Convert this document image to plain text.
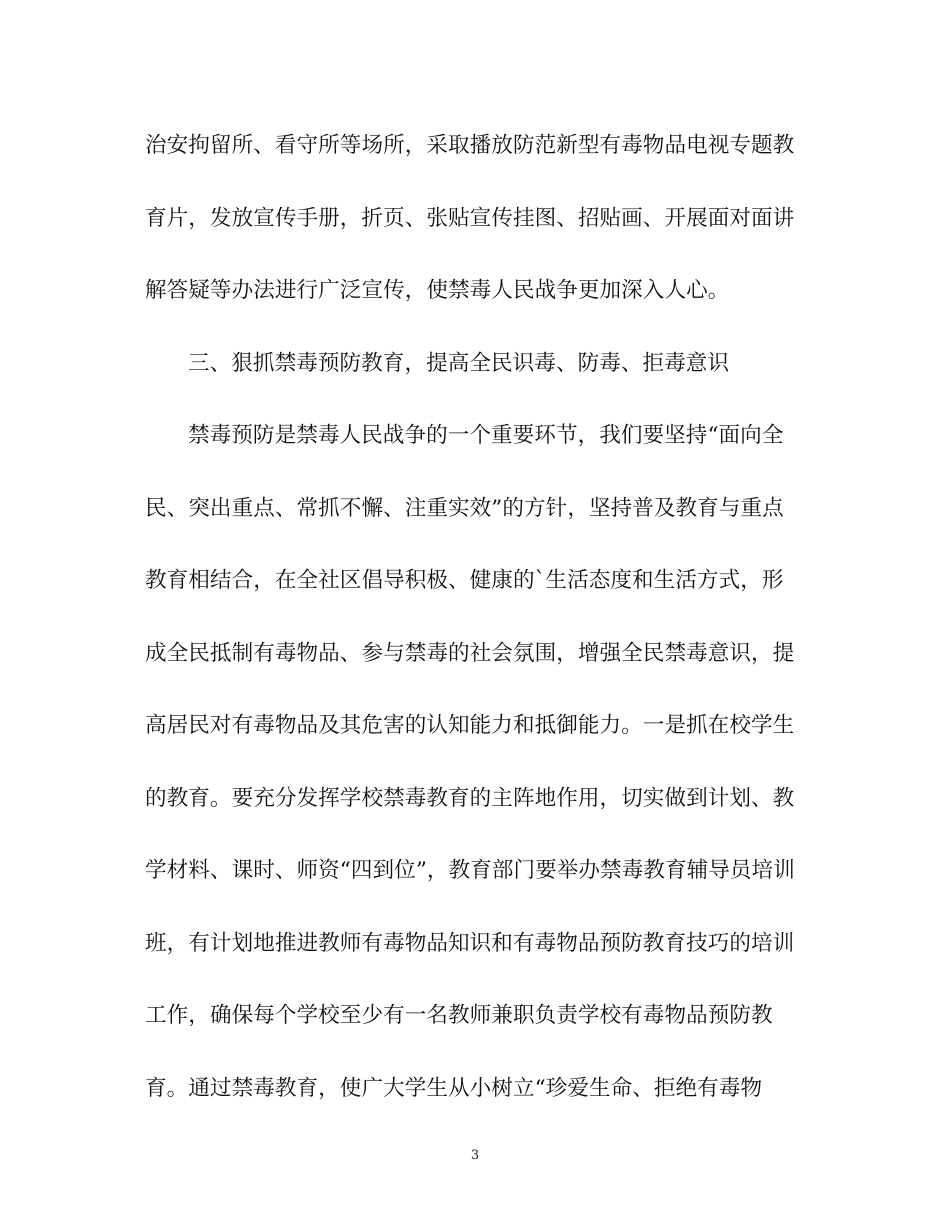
治安拘留所、看守所等场所，采取播放防范新型有毒物品电视专题教
育片，发放宣传手册，折页、张贴宣传挂图、招贴画、开展面对面讲
解答疑等办法进行广泛宣传，使禁毒人民战争更加深入人心。
三、狠抓禁毒预防教育，提高全民识毒、防毒、拒毒意识
禁毒预防是禁毒人民战争的一个重要环节，我们要坚持“面向全
民、突出重点、常抓不懈、注重实效”的方针，坚持普及教育与重点
教育相结合，在全社区倡导积极、健康的`生活态度和生活方式，形
成全民抵制有毒物品、参与禁毒的社会氛围，增强全民禁毒意识，提
高居民对有毒物品及其危害的认知能力和抵御能力。一是抓在校学生
的教育。要充分发挥学校禁毒教育的主阵地作用，切实做到计划、教
学材料、课时、师资“四到位”，教育部门要举办禁毒教育辅导员培训
班，有计划地推进教师有毒物品知识和有毒物品预防教育技巧的培训
工作，确保每个学校至少有一名教师兼职负责学校有毒物品预防教
育。通过禁毒教育，使广大学生从小树立“珍爱生命、拒绝有毒物
3
